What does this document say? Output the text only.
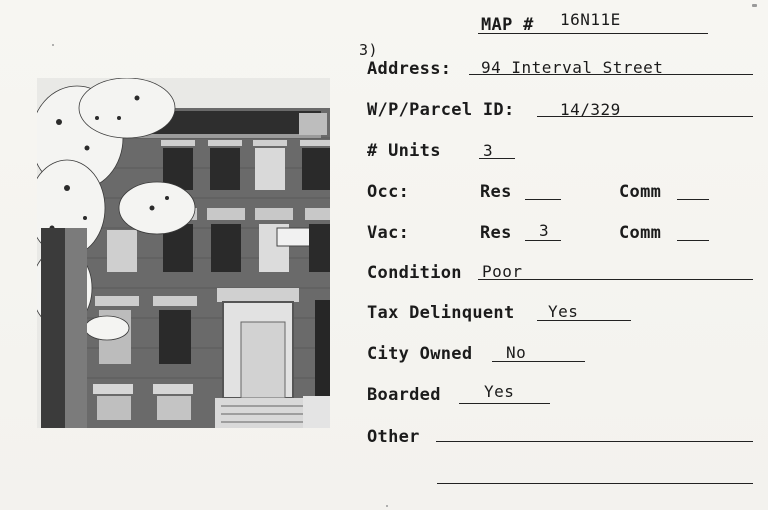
MAP # 16N11E
3)
Address: 94 Interval Street
W/P/Parcel ID:	14/329
# Units	3
Occ:	Res	Comm
Vac:	Res 3	Comm
Condition Poor
Tax Delinquent Yes
City Owned No
Boarded	Yes
Other
